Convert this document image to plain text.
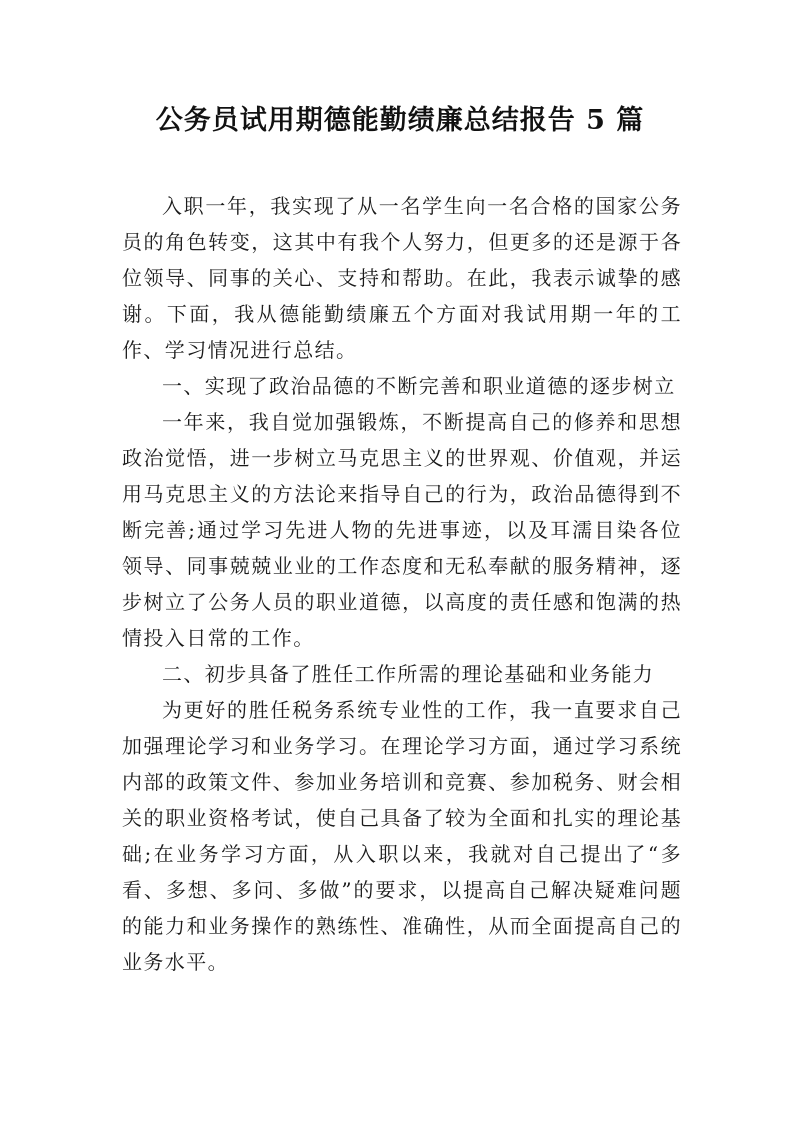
公务员试用期德能勤绩廉总结报告 5 篇

入职一年，我实现了从一名学生向一名合格的国家公务员的角色转变，这其中有我个人努力，但更多的还是源于各位领导、同事的关心、支持和帮助。在此，我表示诚挚的感谢。下面，我从德能勤绩廉五个方面对我试用期一年的工作、学习情况进行总结。

一、实现了政治品德的不断完善和职业道德的逐步树立

一年来，我自觉加强锻炼，不断提高自己的修养和思想政治觉悟，进一步树立马克思主义的世界观、价值观，并运用马克思主义的方法论来指导自己的行为，政治品德得到不断完善;通过学习先进人物的先进事迹，以及耳濡目染各位领导、同事兢兢业业的工作态度和无私奉献的服务精神，逐步树立了公务人员的职业道德，以高度的责任感和饱满的热情投入日常的工作。

二、初步具备了胜任工作所需的理论基础和业务能力

为更好的胜任税务系统专业性的工作，我一直要求自己加强理论学习和业务学习。在理论学习方面，通过学习系统内部的政策文件、参加业务培训和竞赛、参加税务、财会相关的职业资格考试，使自己具备了较为全面和扎实的理论基础;在业务学习方面，从入职以来，我就对自己提出了“多看、多想、多问、多做”的要求，以提高自己解决疑难问题的能力和业务操作的熟练性、准确性，从而全面提高自己的业务水平。
